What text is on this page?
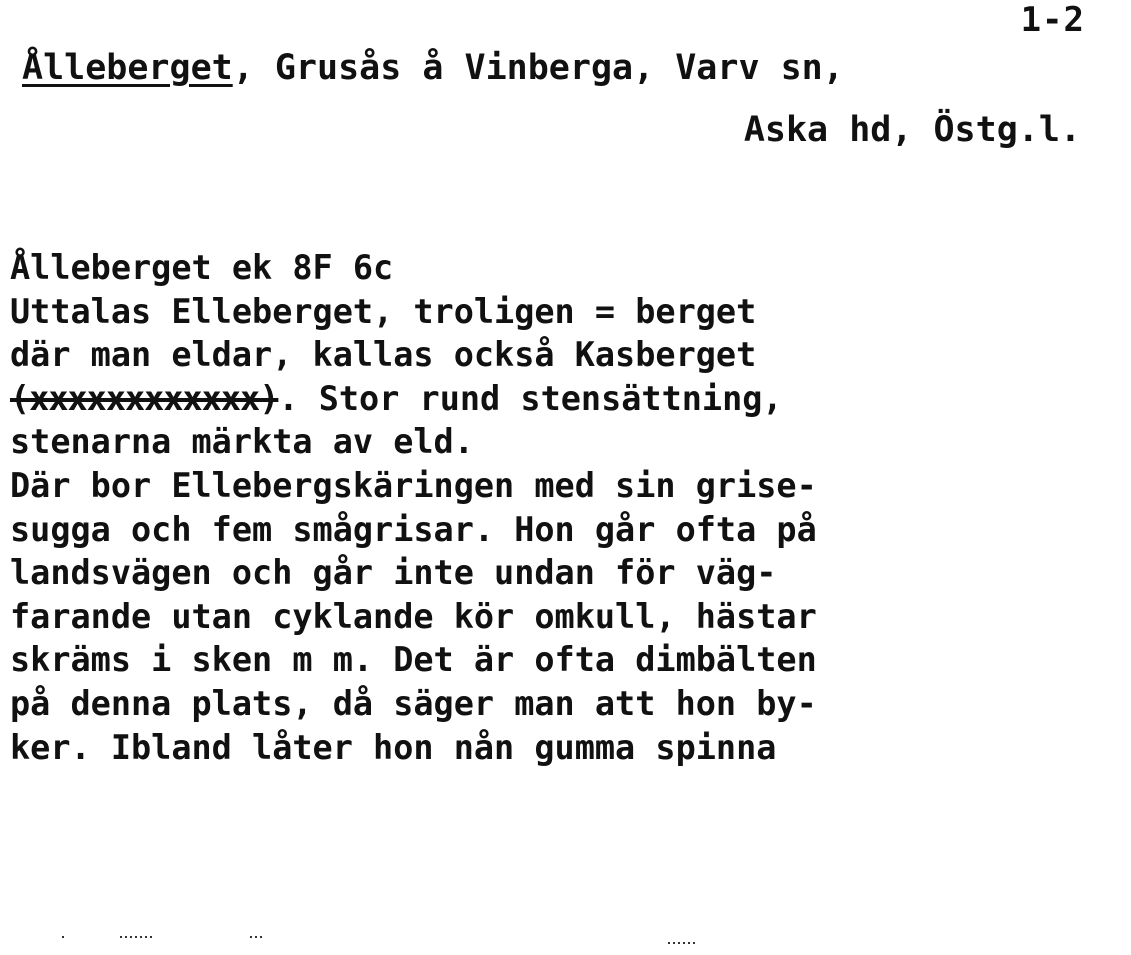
1-2
Ålleberget, Grusås å Vinberga, Varv sn,
Aska hd, Östg.l.
Ålleberget ek 8F 6c
Uttalas Elleberget, troligen = berget
där man eldar, kallas också Kasberget
(xxxxxxxxxxxx). Stor rund stensättning,
stenarna märkta av eld.
Där bor Ellebergskäringen med sin grise-
sugga och fem smågrisar. Hon går ofta på
landsvägen och går inte undan för väg-
farande utan cyklande kör omkull, hästar
skräms i sken m m. Det är ofta dimbälten
på denna plats, då säger man att hon by-
ker. Ibland låter hon nån gumma spinna
